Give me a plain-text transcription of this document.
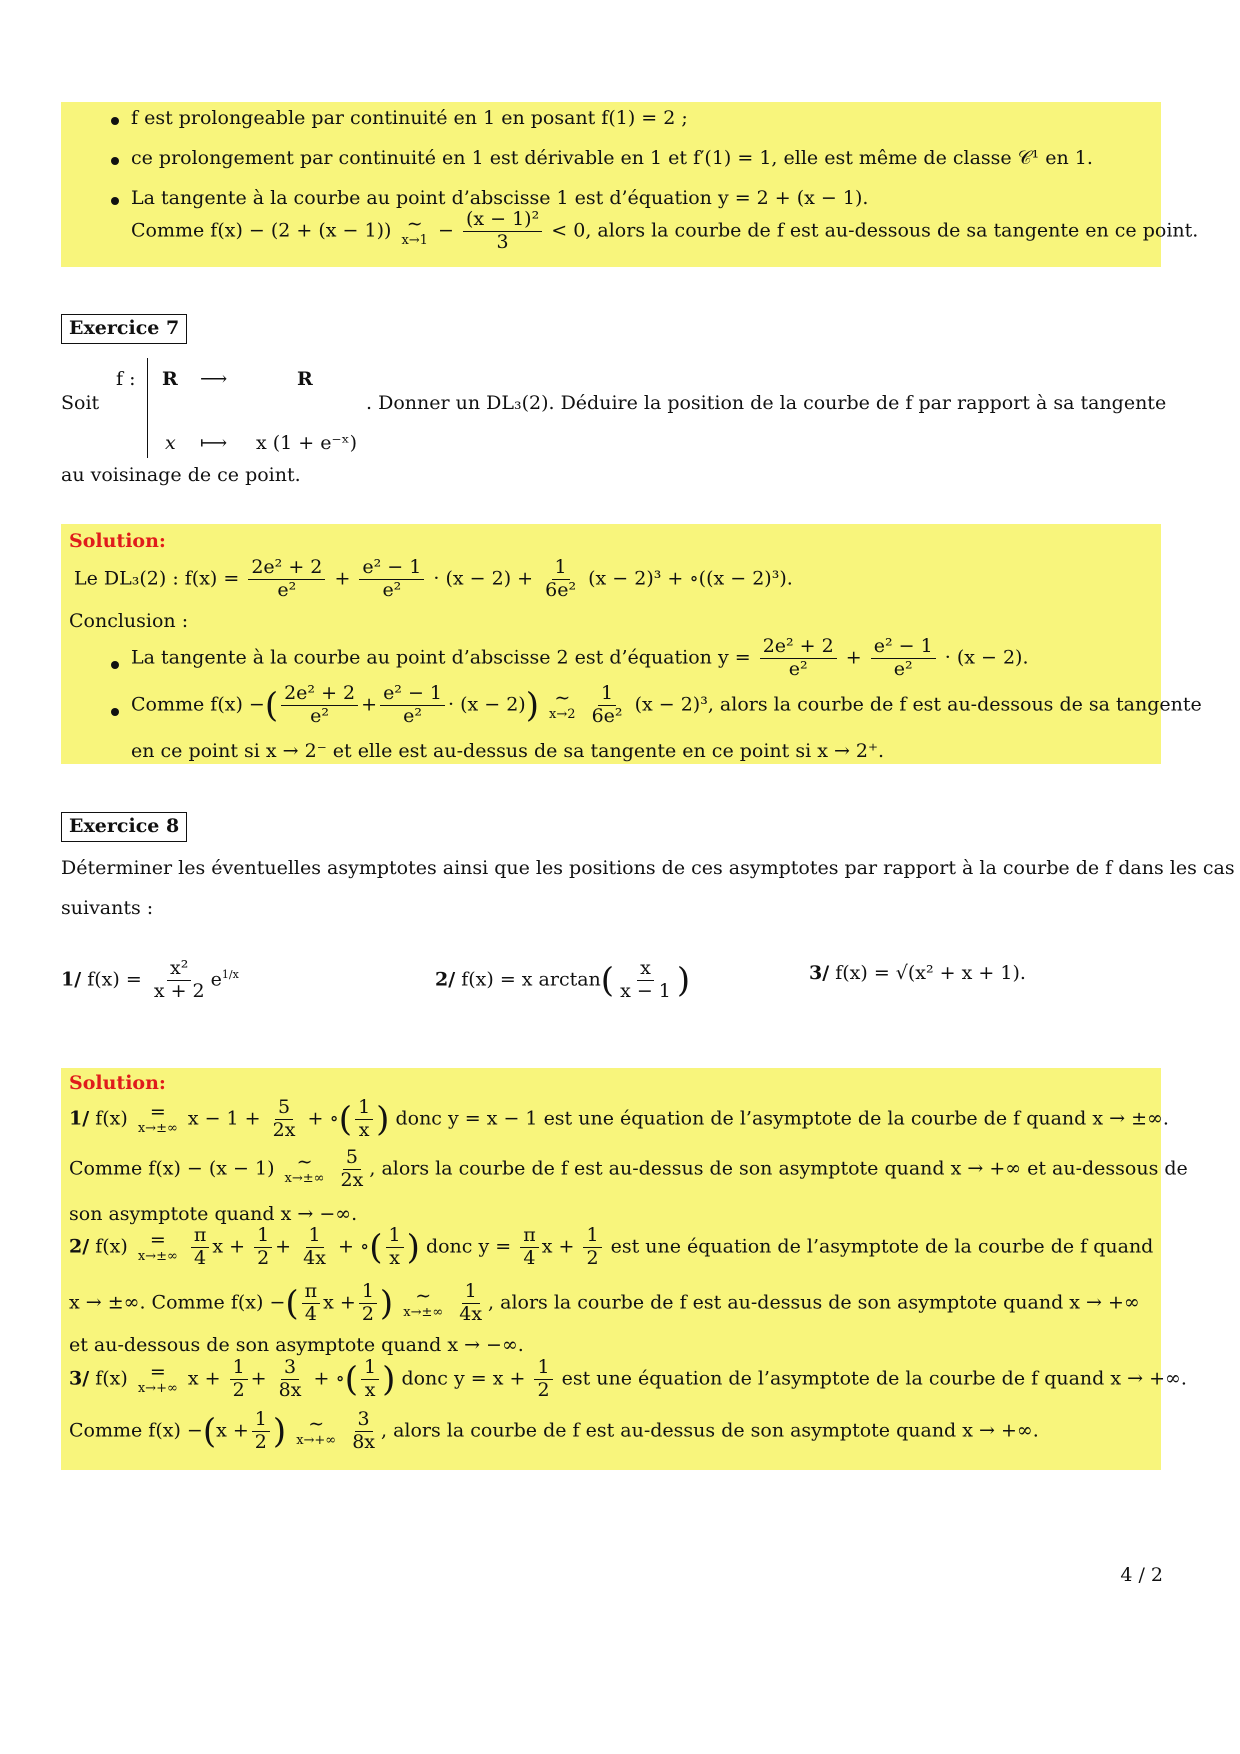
f est prolongeable par continuité en 1 en posant f(1) = 2 ;
ce prolongement par continuité en 1 est dérivable en 1 et f′(1) = 1, elle est même de classe 𝒞¹ en 1.
La tangente à la courbe au point d’abscisse 1 est d’équation y = 2 + (x − 1).
Comme f(x) − (2 + (x − 1)) ∼
$x\to 1 - \frac{\text{(x − 1)²}}{3} < 0$, alors la courbe de f est au-dessous de sa tangente en ce point.
Exercice 7
Soit
f : R ⟶	R
x ⟼ x (1 + e⁻ˣ)
. Donner un DL₃(2). Déduire la position de la courbe de f par rapport à sa tangente
au voisinage de ce point.
Solution:
Le DL₃(2) : $f(x) = \frac{\text{2e² + 2}}{\text{e²}} + \frac{\text{e² − 1}}{\text{e²}} \cdot (x - 2) + \frac{1}{\text{6e²}} (x - 2)^3$ + ∘((x − 2)³).
Conclusion :
La tangente à la courbe au point d’abscisse 2 est d’équation $y = \frac{\text{2e² + 2}}{\text{e²}} + \frac{\text{e² − 1}}{\text{e²}} \cdot (x - 2)$.
Comme f(x) −( $\frac{\text{2e² + 2}}{\text{e²}} + \frac{\text{e² − 1}}{\text{e²}} \cdot (x - 2)$) ∼
x→2
$\frac{1}{\text{6e²}} (x - 2)^3$, alors la courbe de f est au-dessous de sa tangente
en ce point si x → 2⁻ et elle est au-dessus de sa tangente en ce point si x → 2⁺.
Exercice 8
Déterminer les éventuelles asymptotes ainsi que les positions de ces asymptotes par rapport à la courbe de f dans les cas
suivants :
1/ $f(x) = \frac{\text{x²}}{x + 2} e^{1/x}$	2/ f(x) = x $\arctan( \frac{x}{x - 1}$ )	3/ f(x) = √(x² + x + 1).
Solution:
1/ f(x) =
x→±∞ $x - 1 + \frac{5}{2x}$ + ∘( $\frac{1}{x}$ ) donc y = x − 1 est une équation de l’asymptote de la courbe de f quand x → ±∞.
Comme f(x) − (x − 1) ∼
x→±∞
$\frac{5}{2x}$ , alors la courbe de f est au-dessus de son asymptote quand x → +∞ et au-dessous de
son asymptote quand x → −∞.
2/ f(x) =
x→±∞
$\frac{\pi}{4}$ $x + \frac{1}{2} + \frac{1}{4x}$ + ∘( $\frac{1}{x}$ ) donc $y = \frac{\pi}{4}$ $x + \frac{1}{2}$ est une équation de l’asymptote de la courbe de f quand
x → ±∞. Comme f(x) −( $\frac{\pi}{4}$ $x + \frac{1}{2}$ ) ∼
x→±∞
$\frac{1}{4x}$ , alors la courbe de f est au-dessus de son asymptote quand x → +∞
et au-dessous de son asymptote quand x → −∞.
3/ f(x) =
x→+∞ $x + \frac{1}{2} + \frac{3}{8x}$ + ∘( $\frac{1}{x}$ ) donc $y = x + \frac{1}{2}$ est une équation de l’asymptote de la courbe de f quand x → +∞.
Comme $f(x) -(x + \frac{1}{2}$ ) ∼
x→+∞
$\frac{3}{8x}$ , alors la courbe de f est au-dessus de son asymptote quand x → +∞.
4 / 2
